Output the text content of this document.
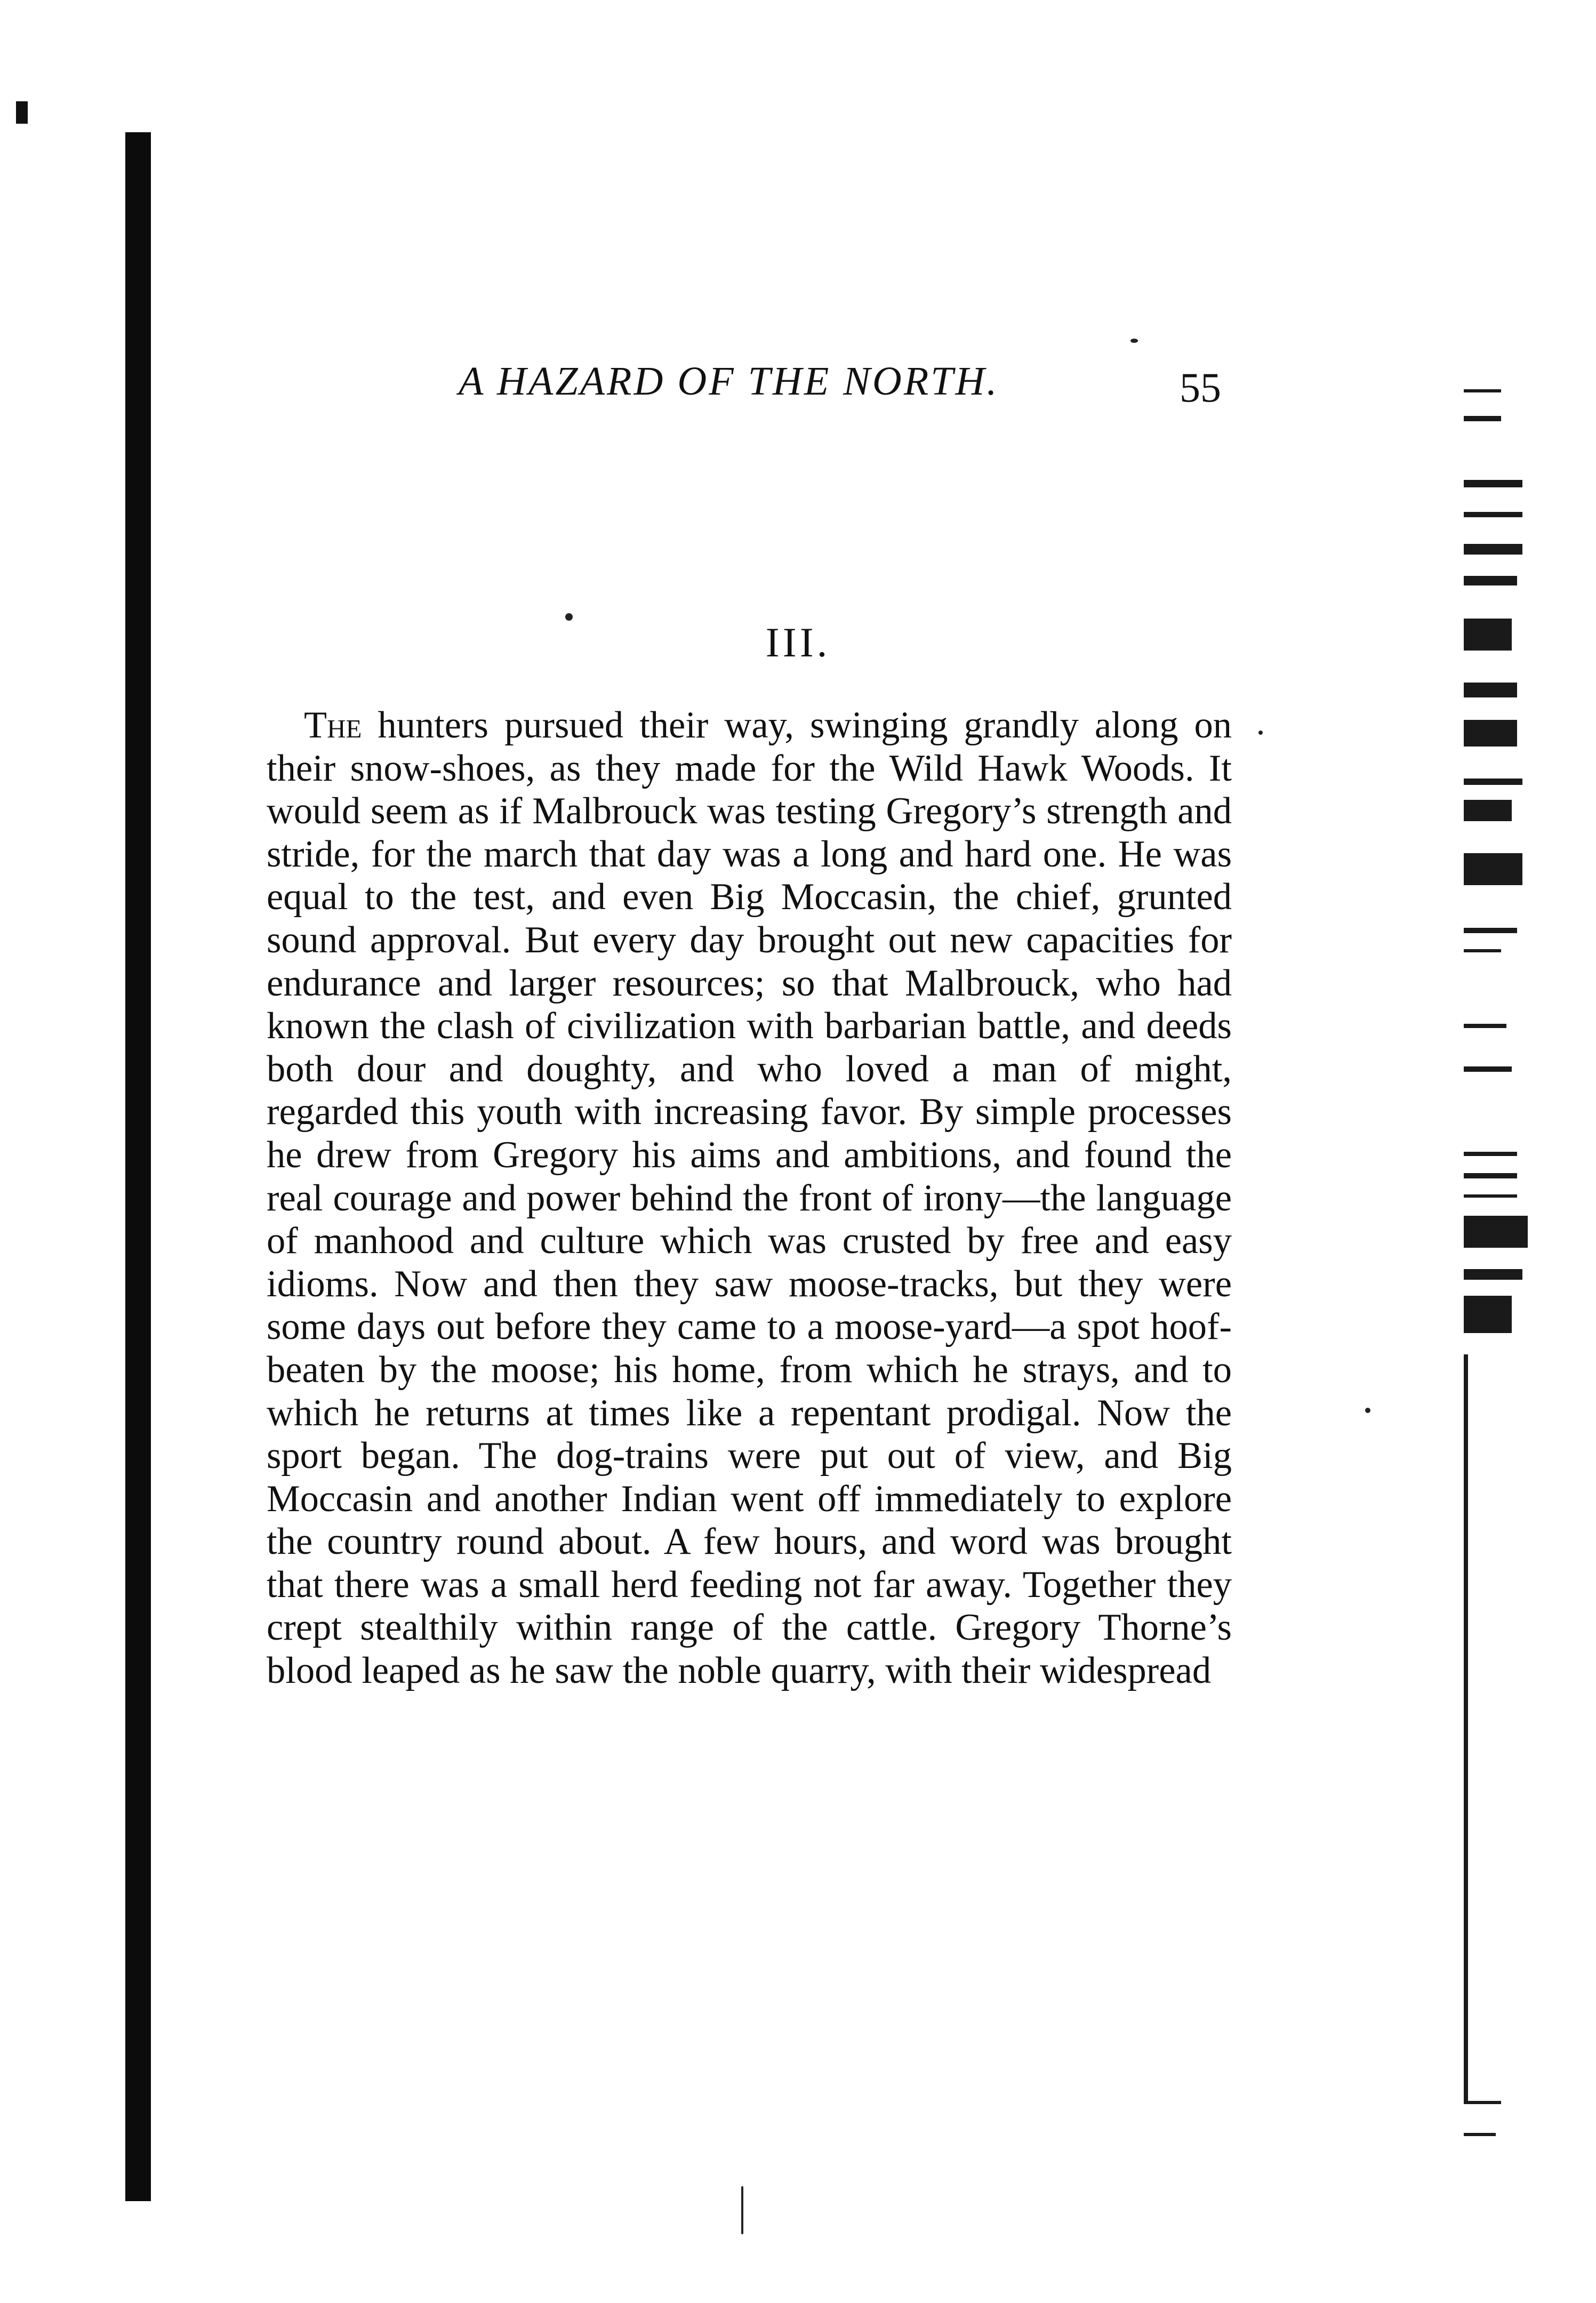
A HAZARD OF THE NORTH.	55
III.

The hunters pursued their way, swinging grandly along on their snow-shoes, as they made for the Wild Hawk Woods. It would seem as if Malbrouck was testing Gregory’s strength and stride, for the march that day was a long and hard one. He was equal to the test, and even Big Moccasin, the chief, grunted sound approval. But every day brought out new capacities for endurance and larger resources; so that Malbrouck, who had known the clash of civilization with barbarian battle, and deeds both dour and doughty, and who loved a man of might, regarded this youth with increasing favor. By simple processes he drew from Gregory his aims and ambitions, and found the real courage and power behind the front of irony—the language of manhood and culture which was crusted by free and easy idioms. Now and then they saw moose-tracks, but they were some days out before they came to a moose-yard—a spot hoof-beaten by the moose; his home, from which he strays, and to which he returns at times like a repentant prodigal. Now the sport began. The dog-trains were put out of view, and Big Moccasin and another Indian went off immediately to explore the country round about. A few hours, and word was brought that there was a small herd feeding not far away. Together they crept stealthily within range of the cattle. Gregory Thorne’s blood leaped as he saw the noble quarry, with their widespread
